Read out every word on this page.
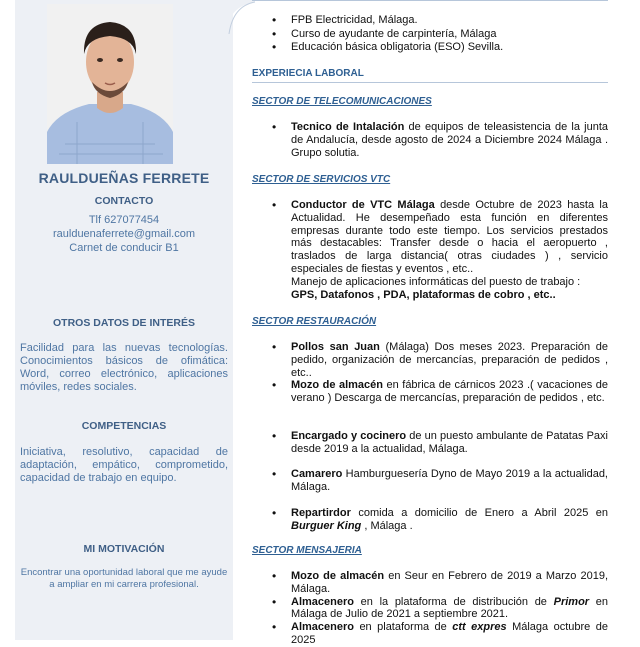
RAULDUEÑAS FERRETE
CONTACTO
Tlf 627077454
raulduenaferrete@gmail.com
Carnet de conducir B1
OTROS DATOS DE INTERÉS
Facilidad para las nuevas tecnologías. Conocimientos básicos de ofimática: Word, correo electrónico, aplicaciones móviles, redes sociales.
COMPETENCIAS
Iniciativa, resolutivo, capacidad de adaptación, empático, comprometido, capacidad de trabajo en equipo.
MI MOTIVACIÓN
Encontrar una oportunidad laboral que me ayude a ampliar en mi carrera profesional.
• FPB Electricidad, Málaga.
• Curso de ayudante de carpintería, Málaga
• Educación básica obligatoria (ESO) Sevilla.
EXPERIECIA LABORAL
SECTOR DE TELECOMUNICACIONES
• Tecnico de Intalación de equipos de teleasistencia de la junta de Andalucía, desde agosto de 2024 a Diciembre 2024 Málaga . Grupo solutia.
SECTOR DE SERVICIOS VTC
• Conductor de VTC Málaga desde Octubre de 2023 hasta la Actualidad. He desempeñado esta función en diferentes empresas durante todo este tiempo. Los servicios prestados más destacables: Transfer desde o hacia el aeropuerto , traslados de larga distancia( otras ciudades ) , servicio especiales de fiestas y eventos , etc..
Manejo de aplicaciones informáticas del puesto de trabajo :
GPS, Datafonos , PDA, plataformas de cobro , etc..
SECTOR RESTAURACIÓN
• Pollos san Juan (Málaga) Dos meses 2023. Preparación de pedido, organización de mercancías, preparación de pedidos , etc..
• Mozo de almacén en fábrica de cárnicos 2023 .( vacaciones de verano ) Descarga de mercancías, preparación de pedidos , etc.
• Encargado y cocinero de un puesto ambulante de Patatas Paxi desde 2019 a la actualidad, Málaga.
• Camarero Hamburguesería Dyno de Mayo 2019 a la actualidad, Málaga.
• Repartirdor comida a domicilio de Enero a Abril 2025 en Burguer King , Málaga .
SECTOR MENSAJERIA
• Mozo de almacén en Seur en Febrero de 2019 a Marzo 2019, Málaga.
• Almacenero en la plataforma de distribución de Primor en Málaga de Julio de 2021 a septiembre 2021.
• Almacenero en plataforma de ctt expres Málaga octubre de 2025
